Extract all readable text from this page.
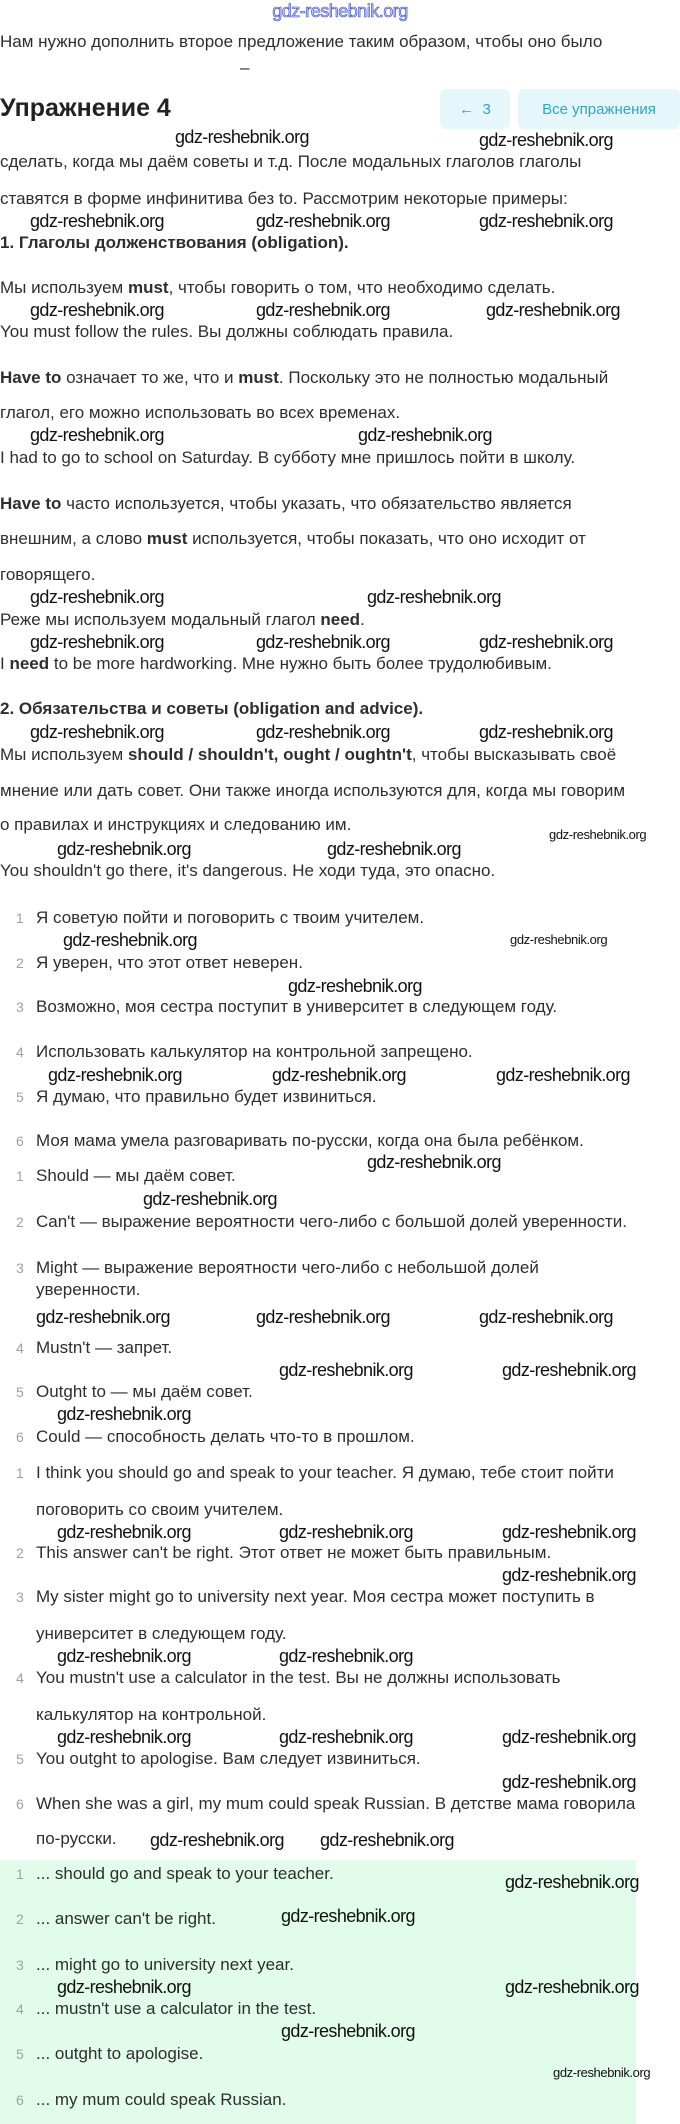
gdz-reshebnik.org
Нам нужно дополнить второе предложение таким образом, чтобы оно было
–
Упражнение 4	←
3	Все упражнения
сделать, когда мы даём советы и т.д. После модальных глаголов глаголы
ставятся в форме инфинитива без to. Рассмотрим некоторые примеры:
1. Глаголы долженствования (obligation).
Мы используем must, чтобы говорить о том, что необходимо сделать.
You must follow the rules. Вы должны соблюдать правила.
Have to означает то же, что и must. Поскольку это не полностью модальный
глагол, его можно использовать во всех временах.
I had to go to school on Saturday. В субботу мне пришлось пойти в школу.
Have to часто используется, чтобы указать, что обязательство является
внешним, а слово must используется, чтобы показать, что оно исходит от
говорящего.
Реже мы используем модальный глагол need.
I need to be more hardworking. Мне нужно быть более трудолюбивым.
2. Обязательства и советы (obligation and advice).
Мы используем should / shouldn't, ought / oughtn't, чтобы высказывать своё
мнение или дать совет. Они также иногда используются для, когда мы говорим
о правилах и инструкциях и следованию им.
You shouldn't go there, it's dangerous. Не ходи туда, это опасно.
1 Я советую пойти и поговорить с твоим учителем.
2 Я уверен, что этот ответ неверен.
3 Возможно, моя сестра поступит в университет в следующем году.
4 Использовать калькулятор на контрольной запрещено.
5 Я думаю, что правильно будет извиниться.
6 Моя мама умела разговаривать по-русски, когда она была ребёнком.
1 Should — мы даём совет.
2 Can't — выражение вероятности чего-либо с большой долей уверенности.
3 Might — выражение вероятности чего-либо с небольшой долей
уверенности.
4 Mustn't — запрет.
5 Outght to — мы даём совет.
6 Could — способность делать что-то в прошлом.
1 I think you should go and speak to your teacher. Я думаю, тебе стоит пойти
поговорить со своим учителем.
2 This answer can't be right. Этот ответ не может быть правильным.
3 My sister might go to university next year. Моя сестра может поступить в
университет в следующем году.
4 You mustn't use a calculator in the test. Вы не должны использовать
калькулятор на контрольной.
5 You outght to apologise. Вам следует извиниться.
6 When she was a girl, my mum could speak Russian. В детстве мама говорила
по-русски.
1 ... should go and speak to your teacher.
2 ... answer can't be right.
3 ... might go to university next year.
4 ... mustn't use a calculator in the test.
5 ... outght to apologise.
6 ... my mum could speak Russian.
gdz-reshebnik.org	gdz-reshebnik.org
gdz-reshebnik.org	gdz-reshebnik.org	gdz-reshebnik.org
gdz-reshebnik.org	gdz-reshebnik.org	gdz-reshebnik.org
gdz-reshebnik.org	gdz-reshebnik.org
gdz-reshebnik.org	gdz-reshebnik.org
gdz-reshebnik.org	gdz-reshebnik.org	gdz-reshebnik.org
gdz-reshebnik.org	gdz-reshebnik.org	gdz-reshebnik.org
gdz-reshebnik.org
gdz-reshebnik.org	gdz-reshebnik.org
gdz-reshebnik.org	gdz-reshebnik.org
gdz-reshebnik.org
gdz-reshebnik.org	gdz-reshebnik.org	gdz-reshebnik.org
gdz-reshebnik.org
gdz-reshebnik.org
gdz-reshebnik.org	gdz-reshebnik.org	gdz-reshebnik.org
gdz-reshebnik.org	gdz-reshebnik.org
gdz-reshebnik.org
gdz-reshebnik.org	gdz-reshebnik.org
gdz-reshebnik.org
gdz-reshebnik.org
gdz-reshebnik.org	gdz-reshebnik.org
gdz-reshebnik.org
gdz-reshebnik.org	gdz-reshebnik.org
gdz-reshebnik.org
gdz-reshebnik.org
gdz-reshebnik.org
gdz-reshebnik.org
gdz-reshebnik.org
gdz-reshebnik.org	gdz-reshebnik.org
gdz-reshebnik.org
gdz-reshebnik.org
